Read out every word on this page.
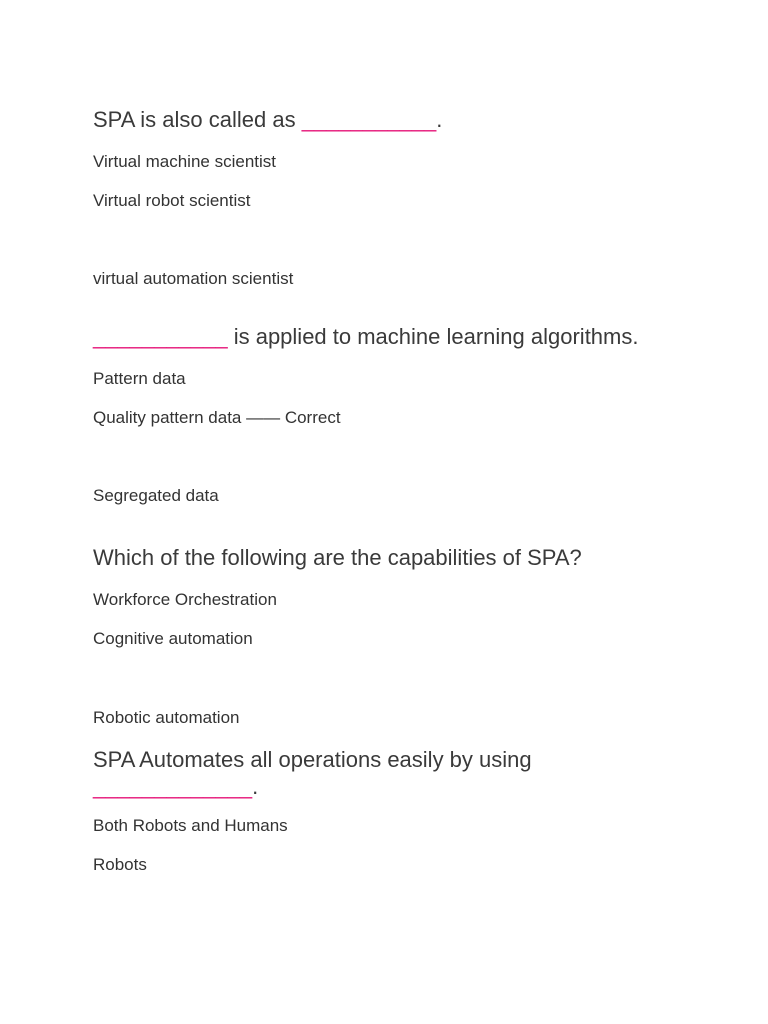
SPA is also called as ___________.
Virtual machine scientist
Virtual robot scientist
virtual automation scientist
___________ is applied to machine learning algorithms.
Pattern data
Quality pattern data —— Correct
Segregated data
Which of the following are the capabilities of SPA?
Workforce Orchestration
Cognitive automation
Robotic automation
SPA Automates all operations easily by using
_____________.
Both Robots and Humans
Robots
